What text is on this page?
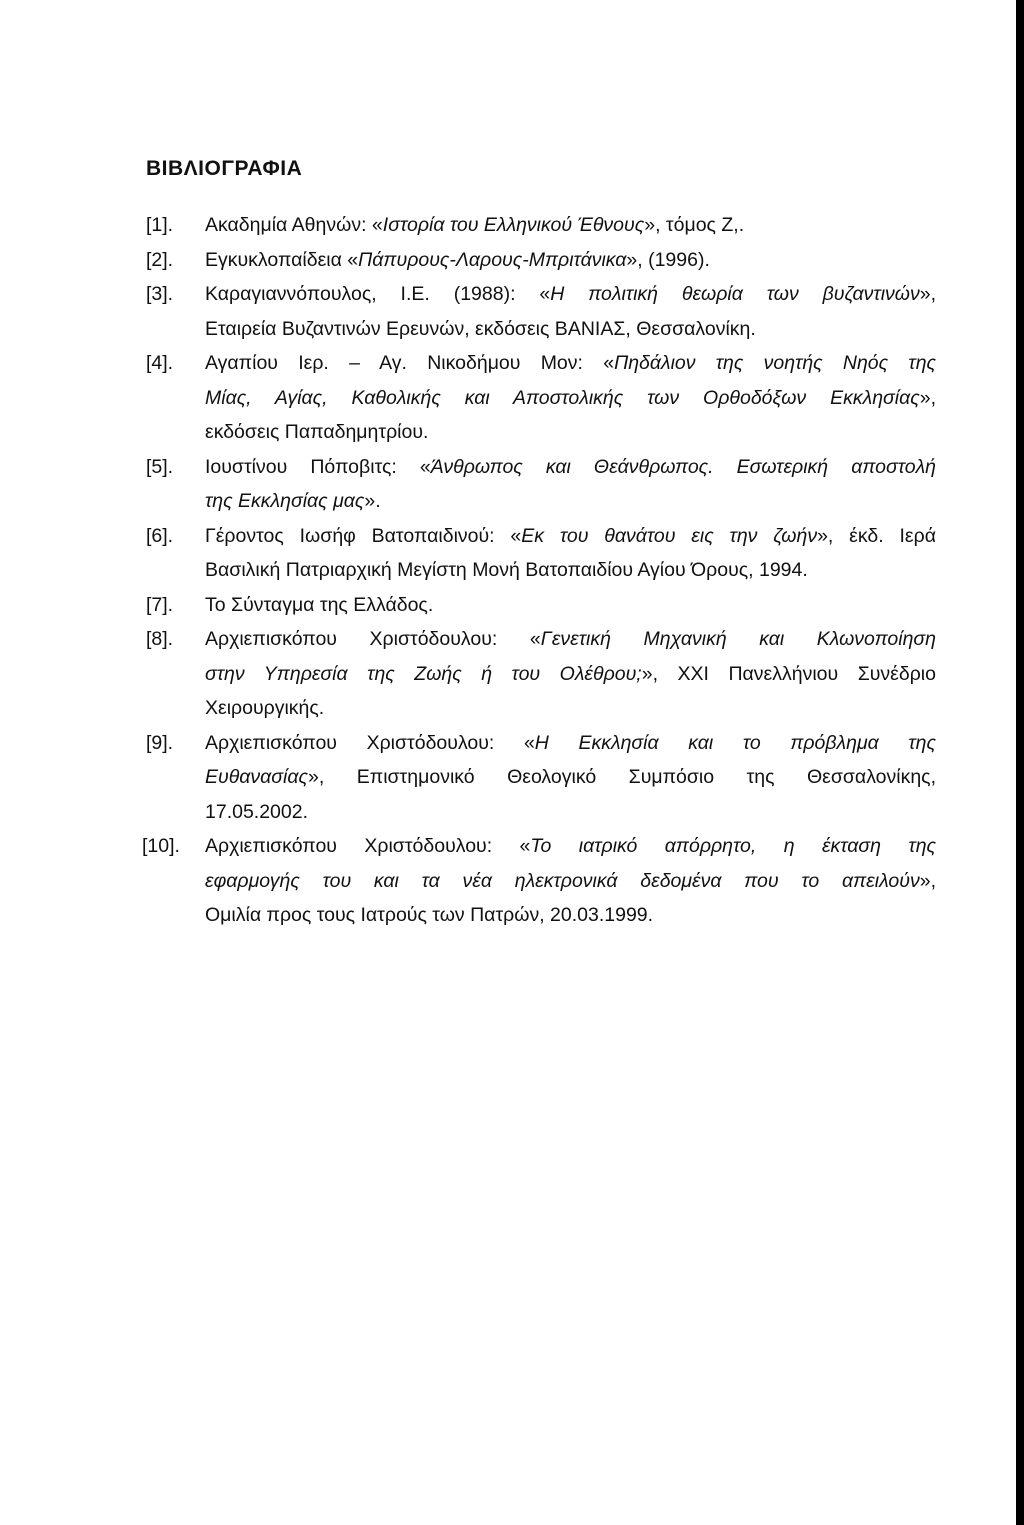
ΒΙΒΛΙΟΓΡΑΦΙΑ
[1]. Ακαδημία Αθηνών: «Ιστορία του Ελληνικού Έθνους», τόμος Ζ,.
[2]. Εγκυκλοπαίδεια «Πάπυρους-Λαρους-Μπριτάνικα», (1996).
[3]. Καραγιαννόπουλος, Ι.Ε. (1988): «Η πολιτική θεωρία των βυζαντινών»,
Εταιρεία Βυζαντινών Ερευνών, εκδόσεις ΒΑΝΙΑΣ, Θεσσαλονίκη.
[4]. Αγαπίου Ιερ. – Αγ. Νικοδήμου Μον: «Πηδάλιον της νοητής Νηός της
Μίας, Αγίας, Καθολικής και Αποστολικής των Ορθοδόξων Εκκλησίας»,
εκδόσεις Παπαδημητρίου.
[5]. Ιουστίνου Πόποβιτς: «Άνθρωπος και Θεάνθρωπος. Εσωτερική αποστολή
της Εκκλησίας μας».
[6]. Γέροντος Ιωσήφ Βατοπαιδινού: «Εκ του θανάτου εις την ζωήν», έκδ. Ιερά
Βασιλική Πατριαρχική Μεγίστη Μονή Βατοπαιδίου Αγίου Όρους, 1994.
[7]. Το Σύνταγμα της Ελλάδος.
[8]. Αρχιεπισκόπου Χριστόδουλου: «Γενετική Μηχανική και Κλωνοποίηση
στην Υπηρεσία της Ζωής ή του Ολέθρου;», XXI Πανελλήνιου Συνέδριο
Χειρουργικής.
[9]. Αρχιεπισκόπου Χριστόδουλου: «Η Εκκλησία και το πρόβλημα της
Ευθανασίας», Επιστημονικό Θεολογικό Συμπόσιο της Θεσσαλονίκης,
17.05.2002.
[10]. Αρχιεπισκόπου Χριστόδουλου: «Το ιατρικό απόρρητο, η έκταση της
εφαρμογής του και τα νέα ηλεκτρονικά δεδομένα που το απειλούν»,
Ομιλία προς τους Ιατρούς των Πατρών, 20.03.1999.
